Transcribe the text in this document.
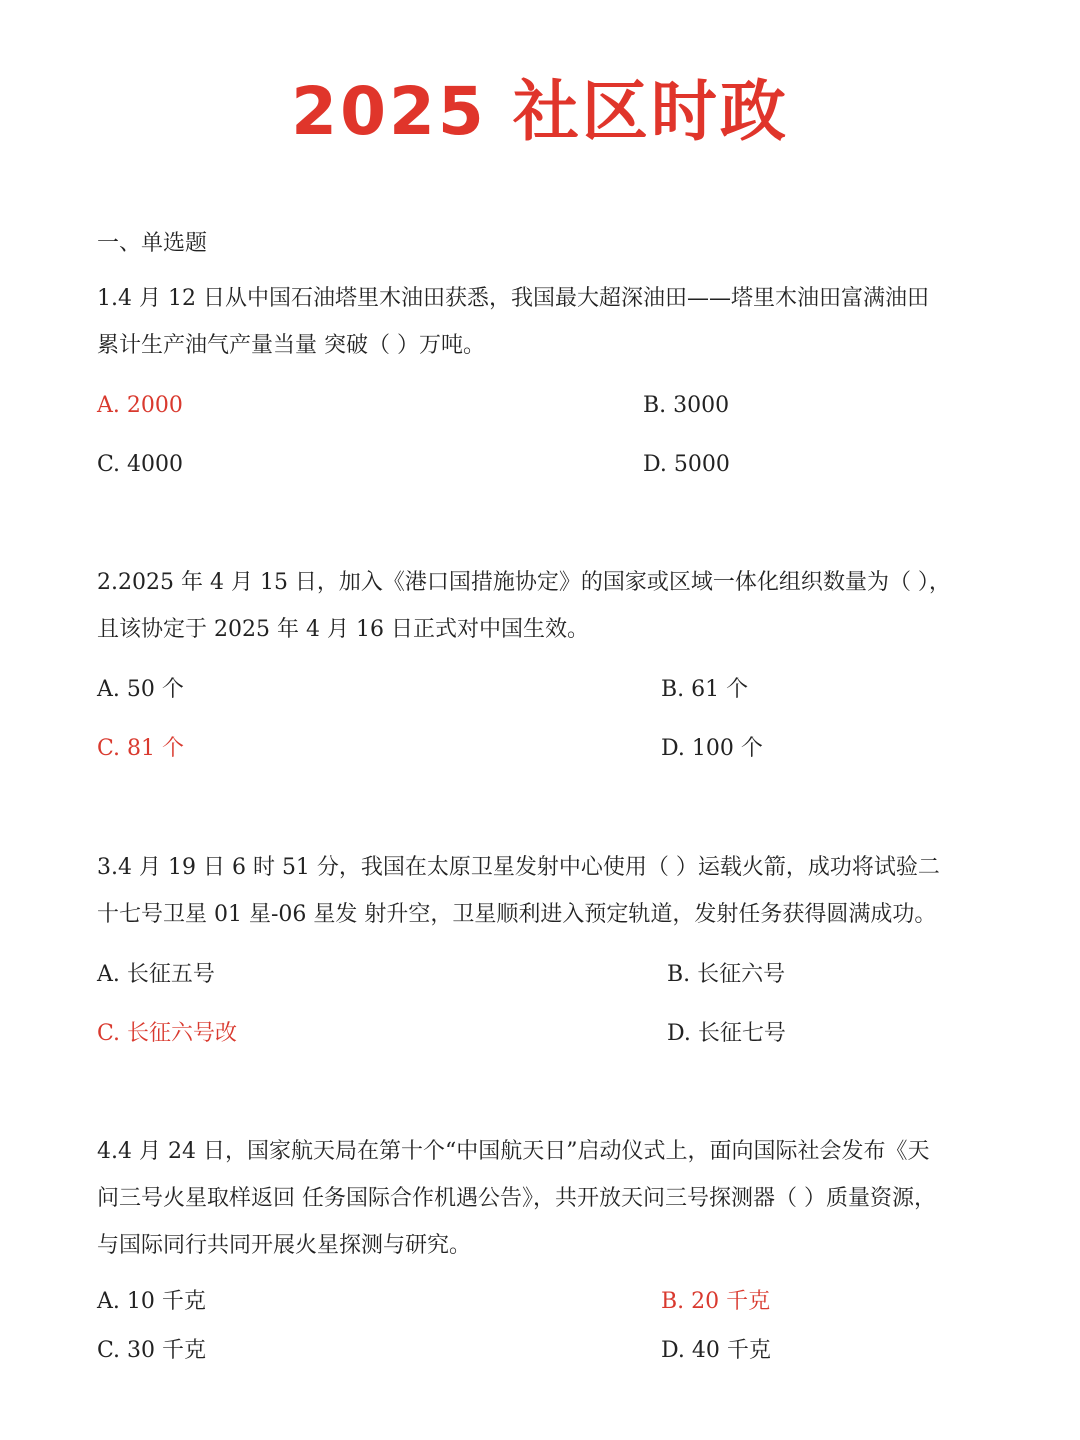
2025 社区时政
一、单选题
1.4 月 12 日从中国石油塔里木油田获悉，我国最大超深油田——塔里木油田富满油田
累计生产油气产量当量 突破（ ）万吨。
A. 2000	B. 3000
C. 4000	D. 5000
2.2025 年 4 月 15 日，加入《港口国措施协定》的国家或区域一体化组织数量为（ ），
且该协定于 2025 年 4 月 16 日正式对中国生效。
A. 50 个	B. 61 个
C. 81 个	D. 100 个
3.4 月 19 日 6 时 51 分，我国在太原卫星发射中心使用（ ）运载火箭，成功将试验二
十七号卫星 01 星-06 星发 射升空，卫星顺利进入预定轨道，发射任务获得圆满成功。
A. 长征五号	B. 长征六号
C. 长征六号改	D. 长征七号
4.4 月 24 日，国家航天局在第十个“中国航天日”启动仪式上，面向国际社会发布《天
问三号火星取样返回 任务国际合作机遇公告》，共开放天问三号探测器（ ）质量资源，
与国际同行共同开展火星探测与研究。
A. 10 千克	B. 20 千克
C. 30 千克	D. 40 千克
